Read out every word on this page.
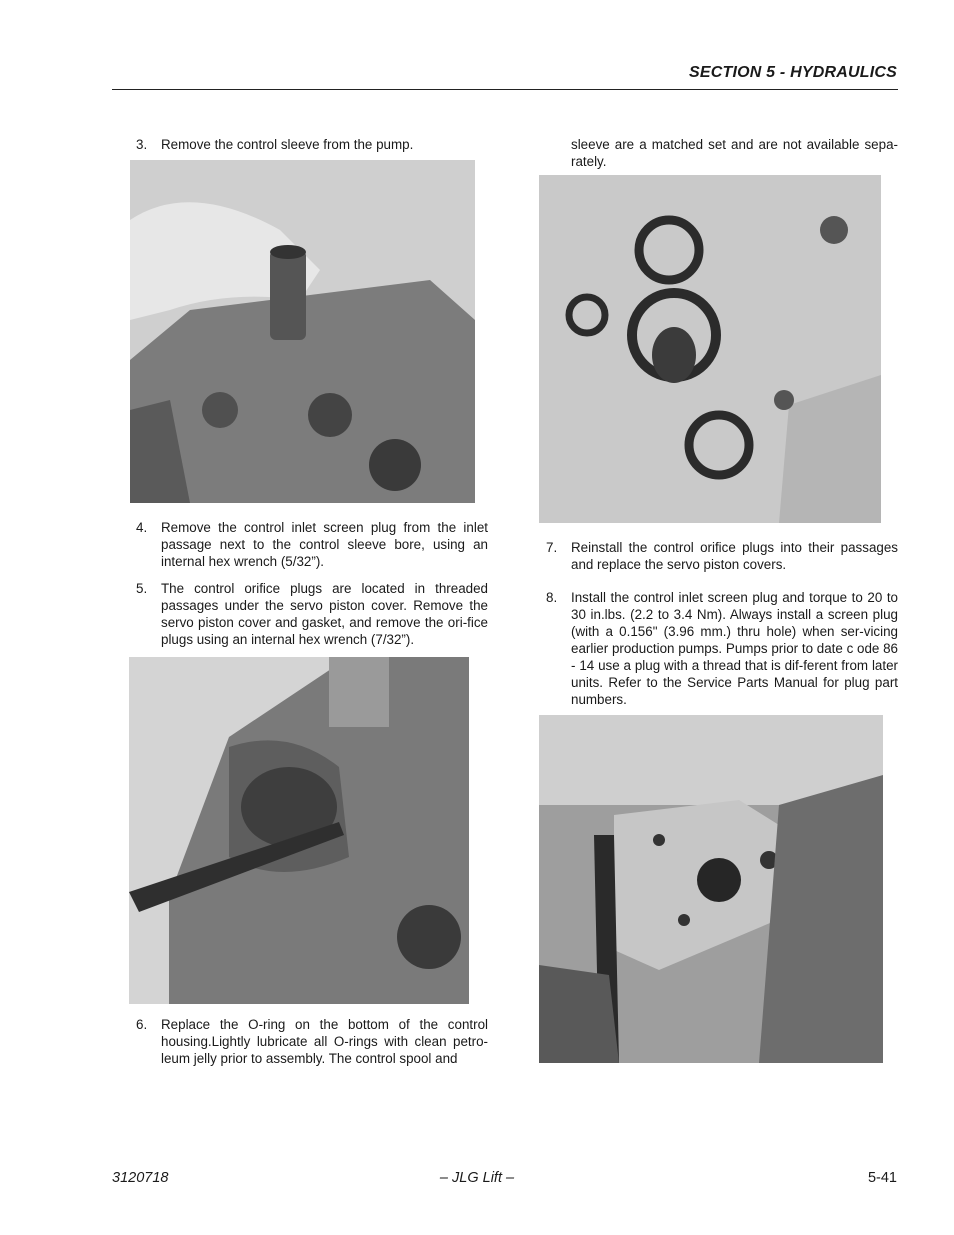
SECTION 5 - HYDRAULICS
3. Remove the control sleeve from the pump.
4. Remove the control inlet screen plug from the inlet passage next to the control sleeve bore, using an internal hex wrench (5/32”).
5. The control orifice plugs are located in threaded passages under the servo piston cover. Remove the servo piston cover and gasket, and remove the ori-fice plugs using an internal hex wrench (7/32”).
6. Replace the O-ring on the bottom of the control housing.Lightly lubricate all O-rings with clean petro-leum jelly prior to assembly. The control spool and
sleeve are a matched set and are not available sepa-rately.
7. Reinstall the control orifice plugs into their passages and replace the servo piston covers.
8. Install the control inlet screen plug and torque to 20 to 30 in.lbs. (2.2 to 3.4 Nm). Always install a screen plug (with a 0.156" (3.96 mm.) thru hole) when ser-vicing earlier production pumps. Pumps prior to date c ode 86 - 14 use a plug with a thread that is dif-ferent from later units. Refer to the Service Parts Manual for plug part numbers.
3120718	– JLG Lift –	5-41
